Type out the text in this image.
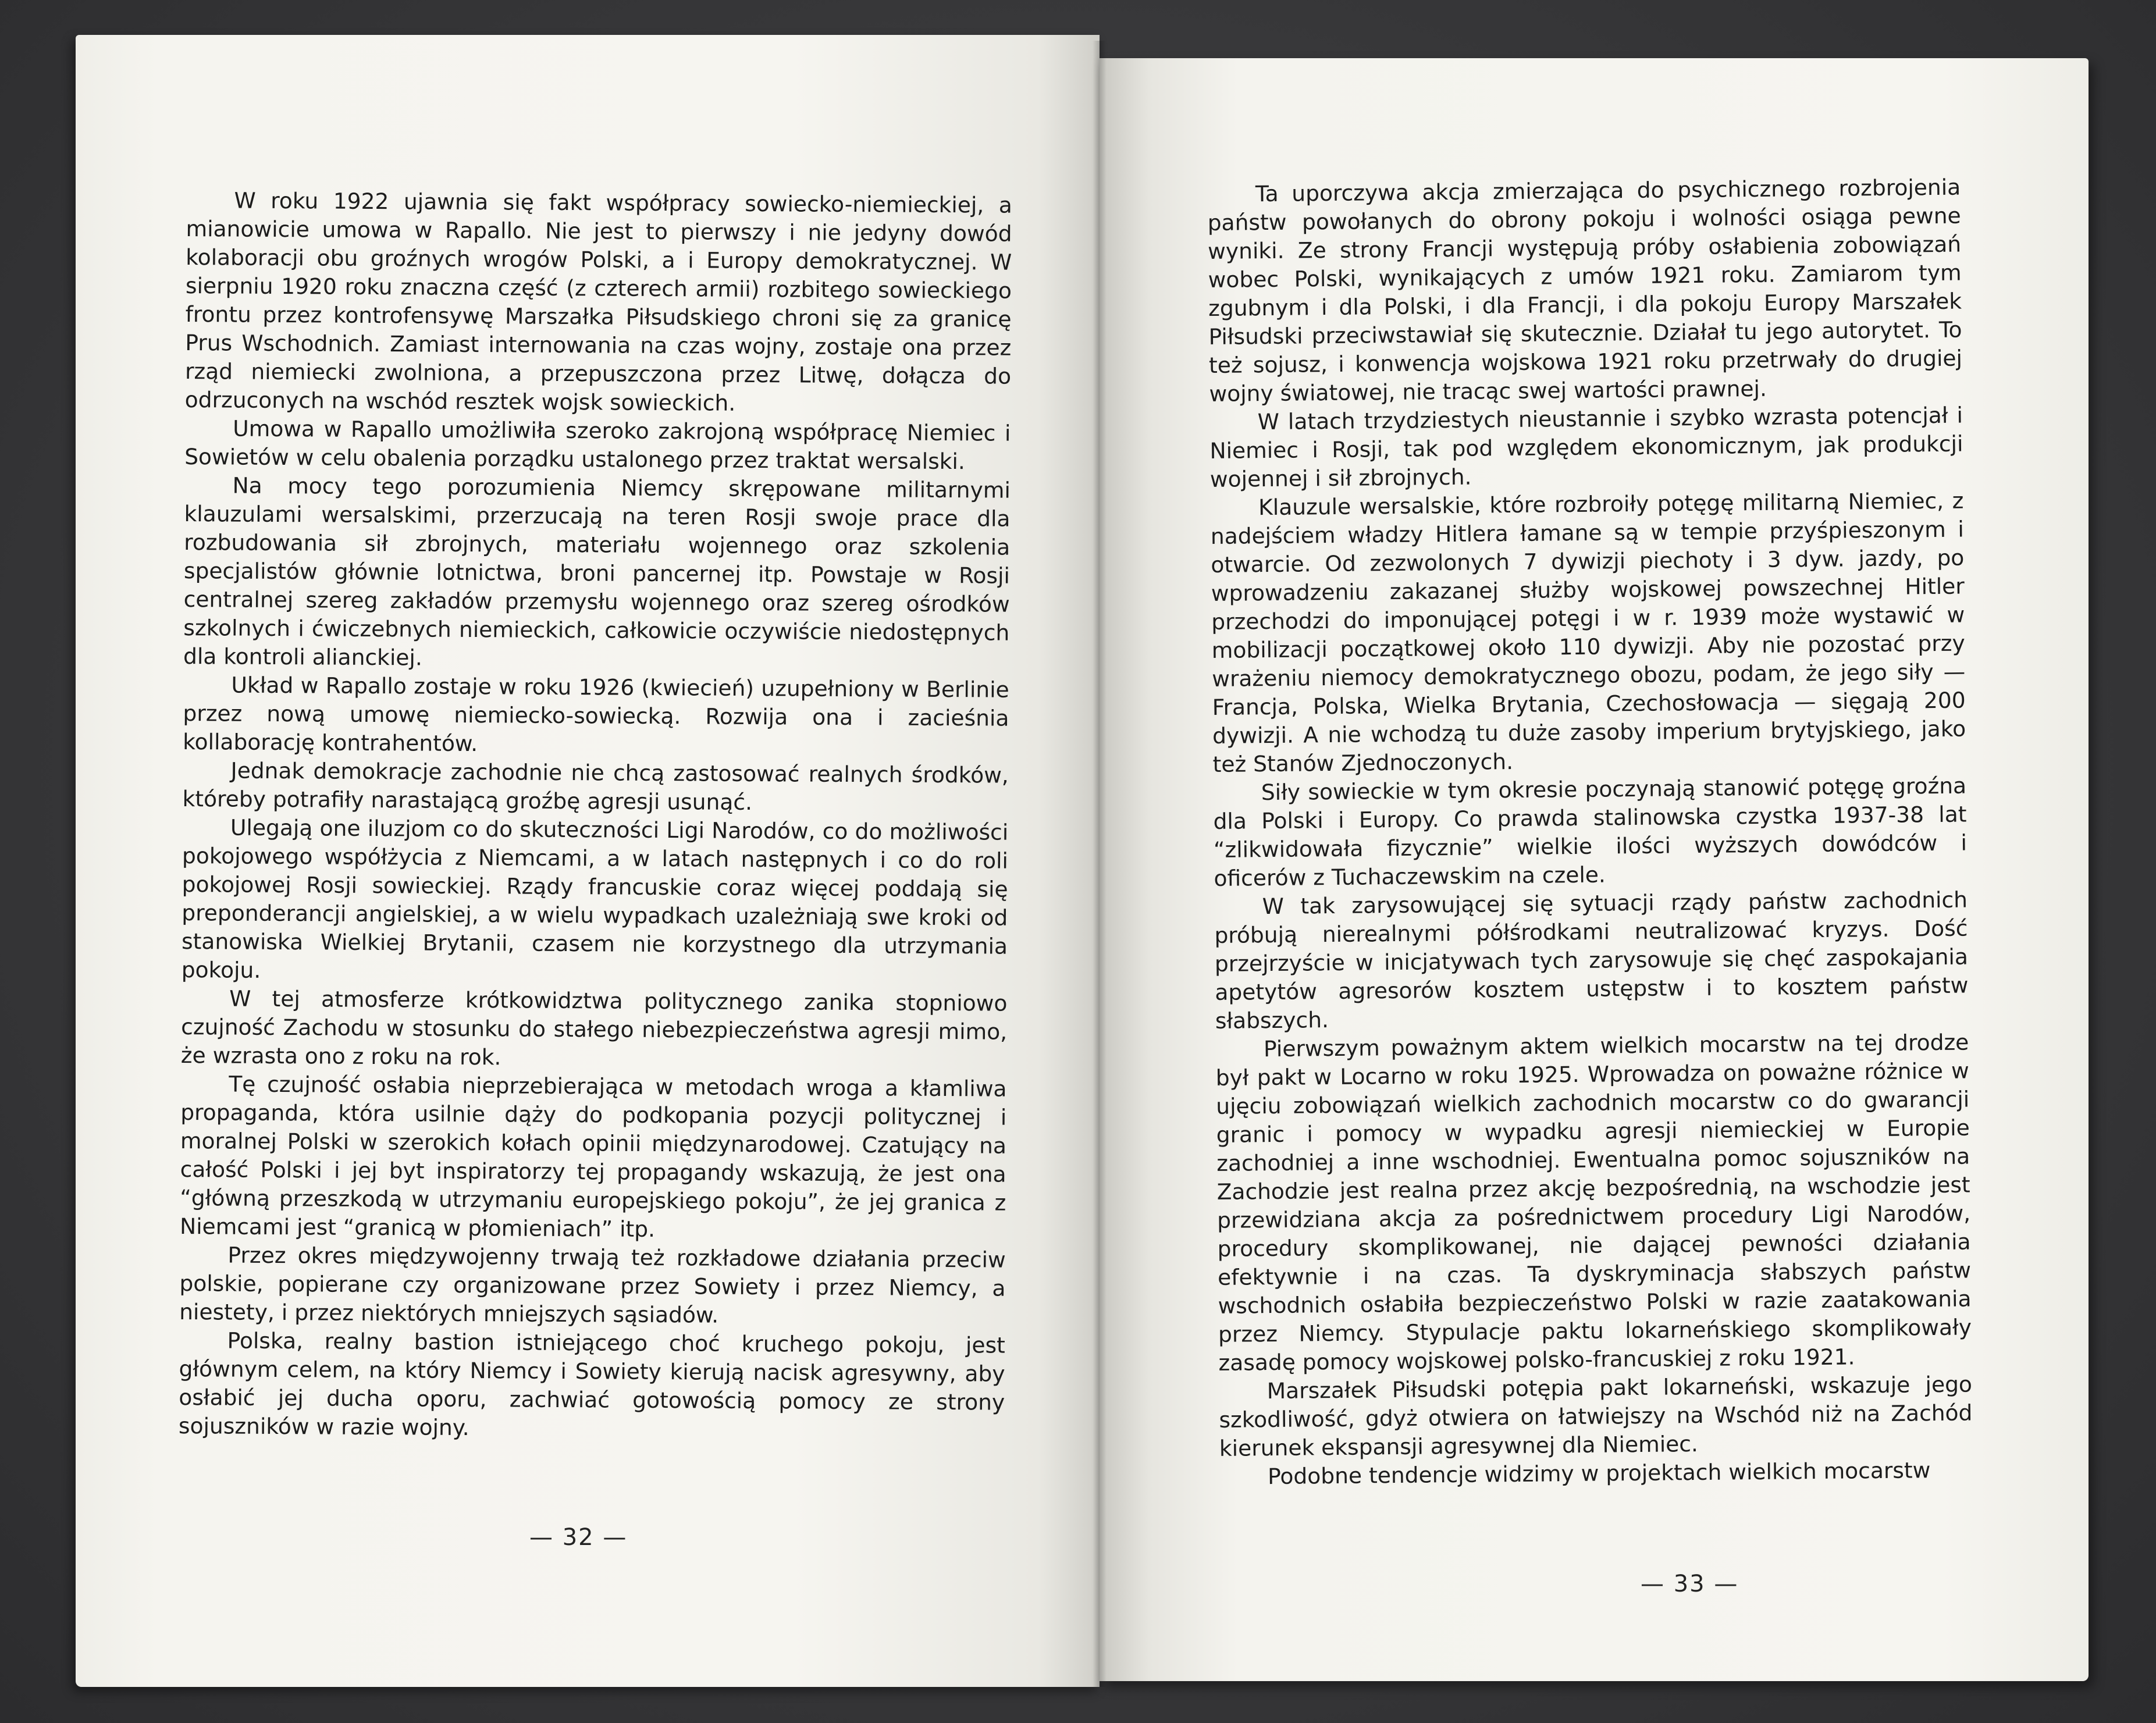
W roku 1922 ujawnia się fakt współpracy sowiecko-niemieckiej, a mianowicie umowa w Rapallo. Nie jest to pierwszy i nie jedyny dowód kolaboracji obu groźnych wrogów Polski, a i Europy demokratycznej. W sierpniu 1920 roku znaczna część (z czterech armii) rozbitego sowieckiego frontu przez kontrofensywę Marszałka Piłsudskiego chroni się za granicę Prus Wschodnich. Zamiast internowania na czas wojny, zostaje ona przez rząd niemiecki zwolniona, a przepuszczona przez Litwę, dołącza do odrzuconych na wschód resztek wojsk sowieckich.

Umowa w Rapallo umożliwiła szeroko zakrojoną współpracę Niemiec i Sowietów w celu obalenia porządku ustalonego przez traktat wersalski.

Na mocy tego porozumienia Niemcy skrępowane militarnymi klauzulami wersalskimi, przerzucają na teren Rosji swoje prace dla rozbudowania sił zbrojnych, materiału wojennego oraz szkolenia specjalistów głównie lotnictwa, broni pancernej itp. Powstaje w Rosji centralnej szereg zakładów przemysłu wojennego oraz szereg ośrodków szkolnych i ćwiczebnych niemieckich, całkowicie oczywiście niedostępnych dla kontroli alianckiej.

Układ w Rapallo zostaje w roku 1926 (kwiecień) uzupełniony w Berlinie przez nową umowę niemiecko-sowiecką. Rozwija ona i zacieśnia kollaborację kontrahentów.

Jednak demokracje zachodnie nie chcą zastosować realnych środków, któreby potrafiły narastającą groźbę agresji usunąć.

Ulegają one iluzjom co do skuteczności Ligi Narodów, co do możliwości pokojowego współżycia z Niemcami, a w latach następnych i co do roli pokojowej Rosji sowieckiej. Rządy francuskie coraz więcej poddają się preponderancji angielskiej, a w wielu wypadkach uzależniają swe kroki od stanowiska Wielkiej Brytanii, czasem nie korzystnego dla utrzymania pokoju.

W tej atmosferze krótkowidztwa politycznego zanika stopniowo czujność Zachodu w stosunku do stałego niebezpieczeństwa agresji mimo, że wzrasta ono z roku na rok.

Tę czujność osłabia nieprzebierająca w metodach wroga a kłamliwa propaganda, która usilnie dąży do podkopania pozycji politycznej i moralnej Polski w szerokich kołach opinii międzynarodowej. Czatujący na całość Polski i jej byt inspiratorzy tej propagandy wskazują, że jest ona “główną przeszkodą w utrzymaniu europejskiego pokoju”, że jej granica z Niemcami jest “granicą w płomieniach” itp.

Przez okres międzywojenny trwają też rozkładowe działania przeciw polskie, popierane czy organizowane przez Sowiety i przez Niemcy, a niestety, i przez niektórych mniejszych sąsiadów.

Polska, realny bastion istniejącego choć kruchego pokoju, jest głównym celem, na który Niemcy i Sowiety kierują nacisk agresywny, aby osłabić jej ducha oporu, zachwiać gotowością pomocy ze strony sojuszników w razie wojny.

— 32 —

Ta uporczywa akcja zmierzająca do psychicznego rozbrojenia państw powołanych do obrony pokoju i wolności osiąga pewne wyniki. Ze strony Francji występują próby osłabienia zobowiązań wobec Polski, wynikających z umów 1921 roku. Zamiarom tym zgubnym i dla Polski, i dla Francji, i dla pokoju Europy Marszałek Piłsudski przeciwstawiał się skutecznie. Działał tu jego autorytet. To też sojusz, i konwencja wojskowa 1921 roku przetrwały do drugiej wojny światowej, nie tracąc swej wartości prawnej.

W latach trzydziestych nieustannie i szybko wzrasta potencjał i Niemiec i Rosji, tak pod względem ekonomicznym, jak produkcji wojennej i sił zbrojnych.

Klauzule wersalskie, które rozbroiły potęgę militarną Niemiec, z nadejściem władzy Hitlera łamane są w tempie przyśpieszonym i otwarcie. Od zezwolonych 7 dywizji piechoty i 3 dyw. jazdy, po wprowadzeniu zakazanej służby wojskowej powszechnej Hitler przechodzi do imponującej potęgi i w r. 1939 może wystawić w mobilizacji początkowej około 110 dywizji. Aby nie pozostać przy wrażeniu niemocy demokratycznego obozu, podam, że jego siły — Francja, Polska, Wielka Brytania, Czechosłowacja — sięgają 200 dywizji. A nie wchodzą tu duże zasoby imperium brytyjskiego, jako też Stanów Zjednoczonych.

Siły sowieckie w tym okresie poczynają stanowić potęgę groźna dla Polski i Europy. Co prawda stalinowska czystka 1937-38 lat “zlikwidowała fizycznie” wielkie ilości wyższych dowódców i oficerów z Tuchaczewskim na czele.

W tak zarysowującej się sytuacji rządy państw zachodnich próbują nierealnymi półśrodkami neutralizować kryzys. Dość przejrzyście w inicjatywach tych zarysowuje się chęć zaspokajania apetytów agresorów kosztem ustępstw i to kosztem państw słabszych.

Pierwszym poważnym aktem wielkich mocarstw na tej drodze był pakt w Locarno w roku 1925. Wprowadza on poważne różnice w ujęciu zobowiązań wielkich zachodnich mocarstw co do gwarancji granic i pomocy w wypadku agresji niemieckiej w Europie zachodniej a inne wschodniej. Ewentualna pomoc sojuszników na Zachodzie jest realna przez akcję bezpośrednią, na wschodzie jest przewidziana akcja za pośrednictwem procedury Ligi Narodów, procedury skomplikowanej, nie dającej pewności działania efektywnie i na czas. Ta dyskryminacja słabszych państw wschodnich osłabiła bezpieczeństwo Polski w razie zaatakowania przez Niemcy. Stypulacje paktu lokarneńskiego skomplikowały zasadę pomocy wojskowej polsko-francuskiej z roku 1921.

Marszałek Piłsudski potępia pakt lokarneński, wskazuje jego szkodliwość, gdyż otwiera on łatwiejszy na Wschód niż na Zachód kierunek ekspansji agresywnej dla Niemiec.

Podobne tendencje widzimy w projektach wielkich mocarstw

— 33 —
